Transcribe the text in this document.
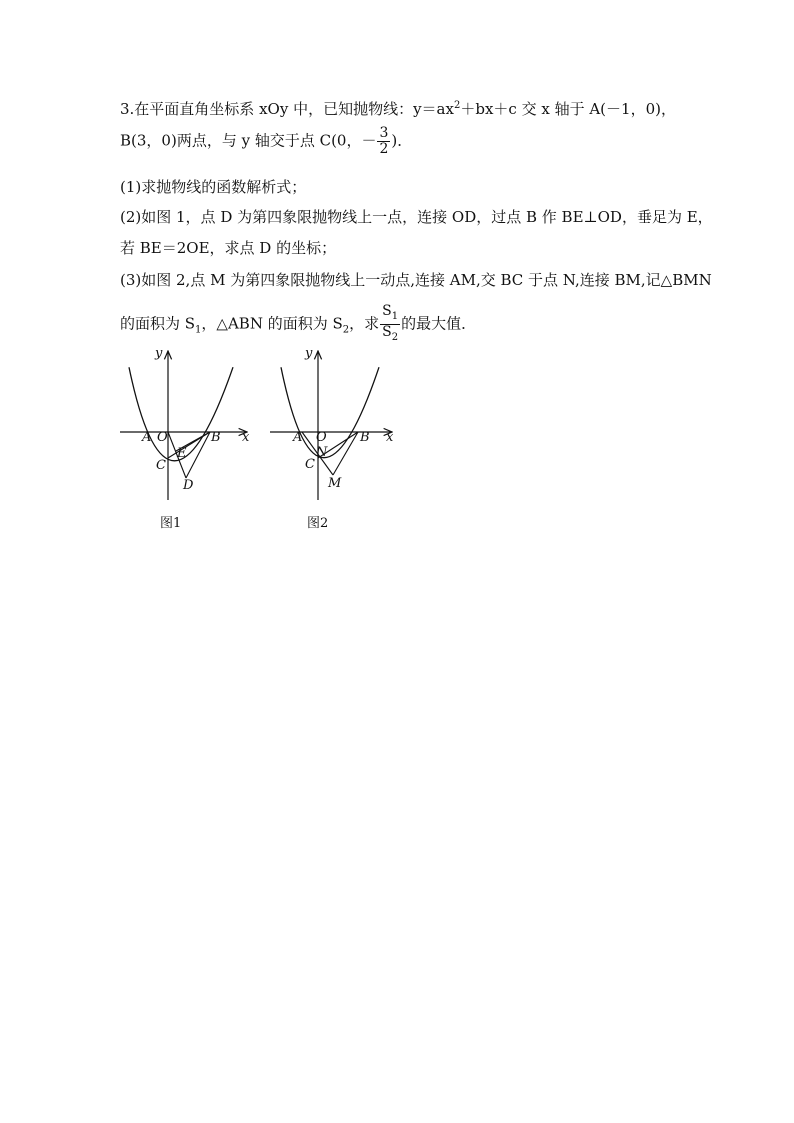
3.在平面直角坐标系 xOy 中，已知抛物线：$y=ax^2+bx+c$ 交 x 轴于 A(－1，0)，
B(3，0)两点，与 y 轴交于点 C(0，－ $\frac{3}{2}$ )．
(1)求抛物线的函数解析式；
(2)如图 1，点 D 为第四象限抛物线上一点，连接 OD，过点 B 作 BE⊥OD，垂足为 E，
若 BE＝2OE，求点 D 的坐标；
(3)如图 2,点 M 为第四象限抛物线上一动点,连接 AM,交 BC 于点 N,连接 BM,记△BMN
的面积为 $S_1$，△ABN 的面积为 $S_2$，求 $\frac{S_1}{S_2}$ 的最大值．
y
x
A O	B
C
E
D
图1
y
x
A O	B
C
N
M
图2
